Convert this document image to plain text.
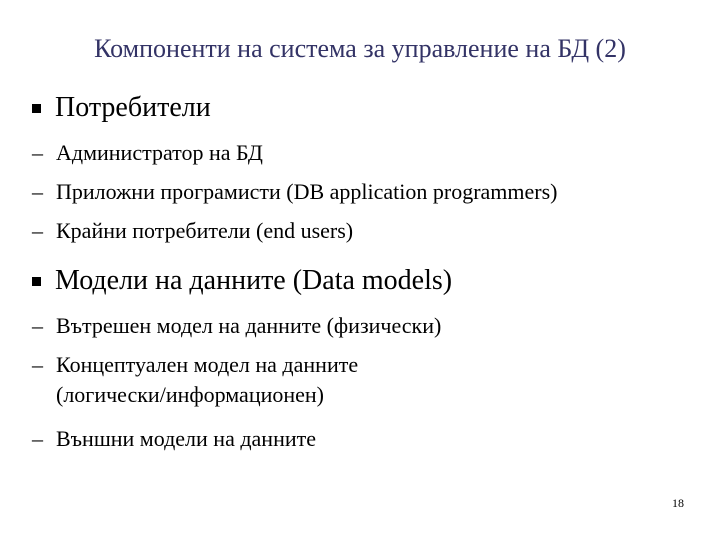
Компоненти на система за управление на БД (2)
Потребители
– Администратор на БД
– Приложни програмисти (DB application programmers)
– Крайни потребители (end users)
Модели на данните (Data models)
– Вътрешен модел на данните (физически)
– Концептуален модел на данните
(логически/информационен)
– Външни модели на данните
18
